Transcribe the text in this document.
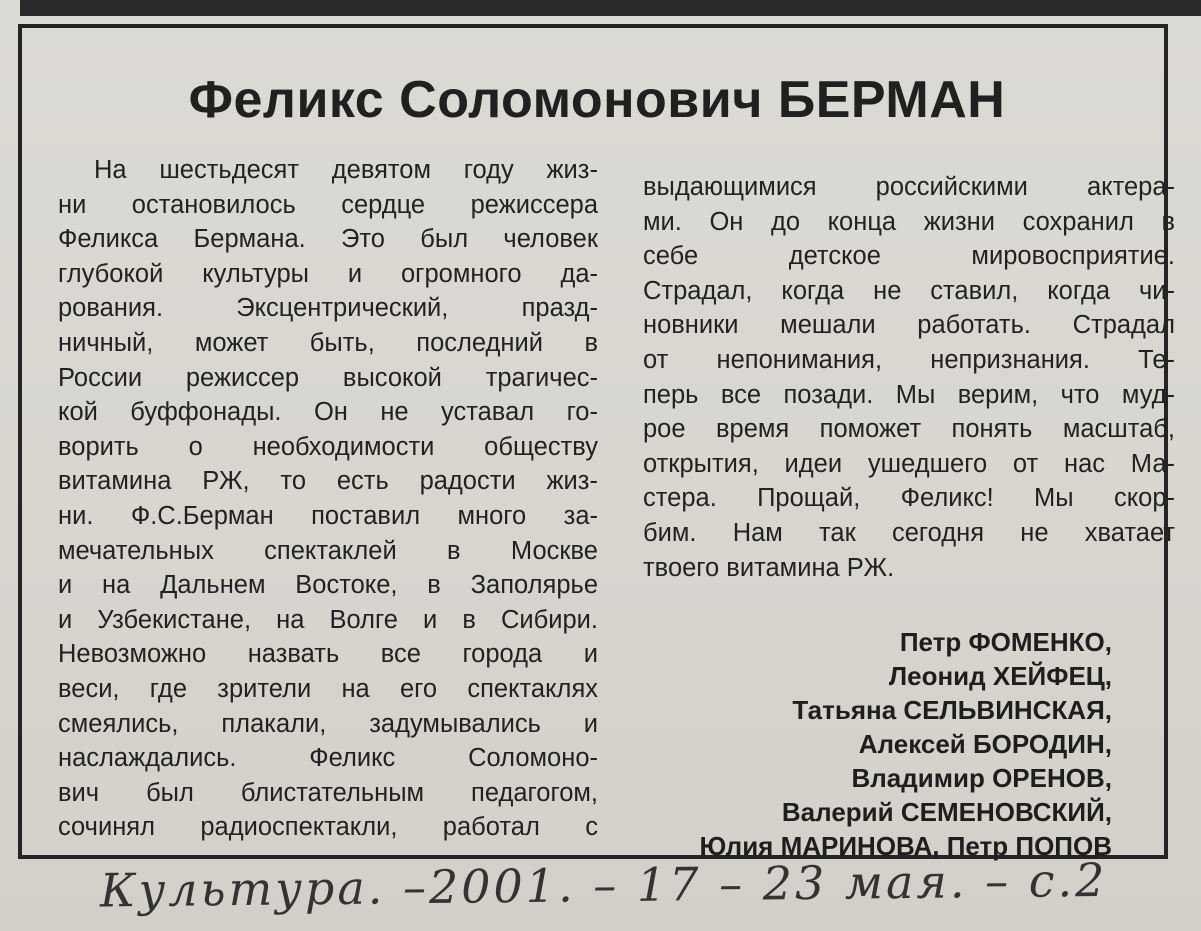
Феликс Соломонович БЕРМАН
На шестьдесят девятом году жиз-
ни остановилось сердце режиссера
Феликса Бермана. Это был человек
глубокой культуры и огромного да-
рования. Эксцентрический, празд-
ничный, может быть, последний в
России режиссер высокой трагичес-
кой буффонады. Он не уставал го-
ворить о необходимости обществу
витамина РЖ, то есть радости жиз-
ни. Ф.С.Берман поставил много за-
мечательных спектаклей в Москве
и на Дальнем Востоке, в Заполярье
и Узбекистане, на Волге и в Сибири.
Невозможно назвать все города и
веси, где зрители на его спектаклях
смеялись, плакали, задумывались и
наслаждались. Феликс Соломоно-
вич был блистательным педагогом,
сочинял радиоспектакли, работал с
выдающимися российскими актера-
ми. Он до конца жизни сохранил в
себе детское мировосприятие.
Страдал, когда не ставил, когда чи-
новники мешали работать. Страдал
от непонимания, непризнания. Те-
перь все позади. Мы верим, что муд-
рое время поможет понять масштаб,
открытия, идеи ушедшего от нас Ма-
стера. Прощай, Феликс! Мы скор-
бим. Нам так сегодня не хватает
твоего витамина РЖ.
Петр ФОМЕНКО,
Леонид ХЕЙФЕЦ,
Татьяна СЕЛЬВИНСКАЯ,
Алексей БОРОДИН,
Владимир ОРЕНОВ,
Валерий СЕМЕНОВСКИЙ,
Юлия МАРИНОВА, Петр ПОПОВ
Культура. –2001. – 17 – 23 мая. – с.2
